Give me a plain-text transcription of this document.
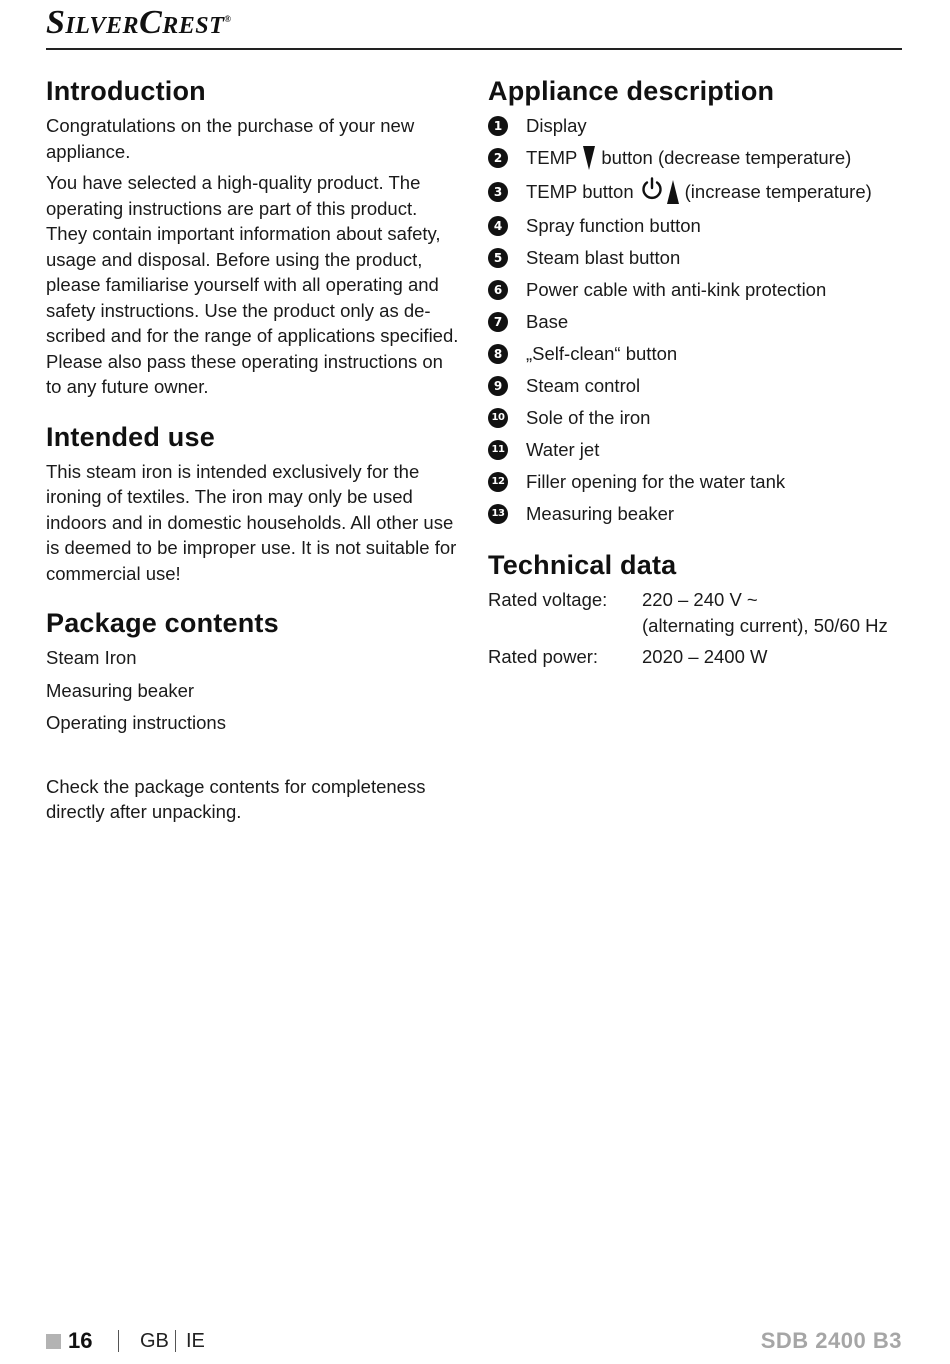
SILVERCREST®
Introduction

Congratulations on the purchase of your new appliance.

You have selected a high-quality product. The operating instructions are part of this product. They contain important information about safety, usage and disposal. Before using the product, please familiarise yourself with all operating and safety instructions. Use the product only as de- scribed and for the range of applications specified. Please also pass these operating instructions on to any future owner.

Intended use

This steam iron is intended exclusively for the ironing of textiles. The iron may only be used indoors and in domestic households. All other use is deemed to be improper use. It is not suitable for commercial use!

Package contents
Steam Iron
Measuring beaker
Operating instructions

Check the package contents for completeness directly after unpacking.

Appliance description
1	Display
2	TEMP button (decrease temperature)
3	TEMP button	(increase temperature)
4	Spray function button
5	Steam blast button
6	Power cable with anti-kink protection
7	Base
8	„Self-clean“ button
9	Steam control
10 Sole of the iron
11 Water jet
12 Filler opening for the water tank
13 Measuring beaker
Technical data
Rated voltage:	220 – 240 V ~
(alternating current), 50/60 Hz
Rated power:	2020 – 2400 W
16 GB IE	SDB 2400 B3
